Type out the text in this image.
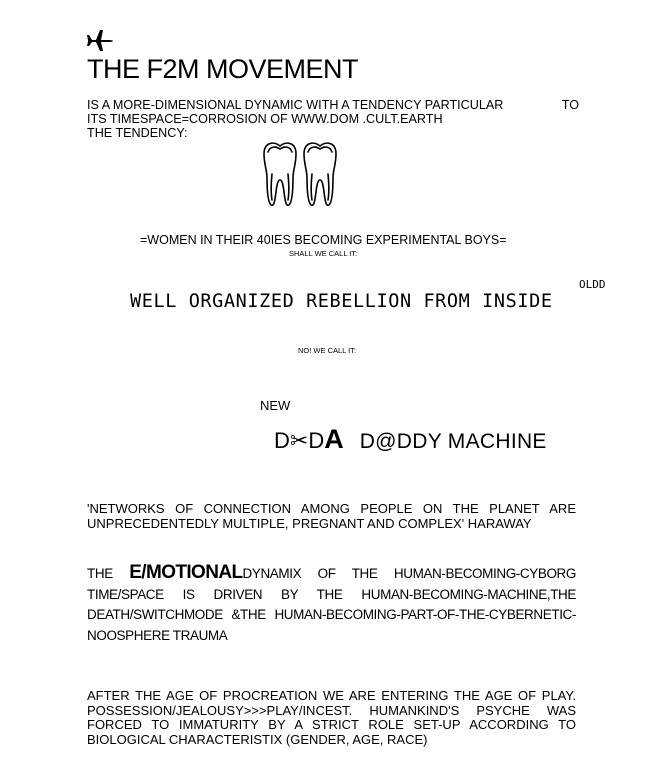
THE F2M MOVEMENT
IS A MORE-DIMENSIONAL DYNAMIC WITH A TENDENCY PARTICULAR	TO
ITS TIMESPACE=CORROSION OF WWW.DOM .CULT.EARTH
THE TENDENCY:
=WOMEN IN THEIR 40IES BECOMING EXPERIMENTAL BOYS=
SHALL WE CALL IT:
OLDD
WELL ORGANIZED REBELLION FROM INSIDE
NO! WE CALL IT:
NEW
D✂DA D@DDY MACHINE
'NETWORKS OF CONNECTION AMONG PEOPLE ON THE PLANET ARE UNPRECEDENTEDLY MULTIPLE, PREGNANT AND COMPLEX' HARAWAY
THE E/MOTIONALDYNAMIX OF THE HUMAN-BECOMING-CYBORG TIME/SPACE IS DRIVEN BY THE HUMAN-BECOMING-MACHINE,THE DEATH/SWITCHMODE &THE HUMAN-BECOMING-PART-OF-THE-CYBERNETIC-NOOSPHERE TRAUMA
AFTER THE AGE OF PROCREATION WE ARE ENTERING THE AGE OF PLAY. POSSESSION/JEALOUSY>>>PLAY/INCEST. HUMANKIND'S PSYCHE WAS FORCED TO IMMATURITY BY A STRICT ROLE SET-UP ACCORDING TO BIOLOGICAL CHARACTERISTIX (GENDER, AGE, RACE)
